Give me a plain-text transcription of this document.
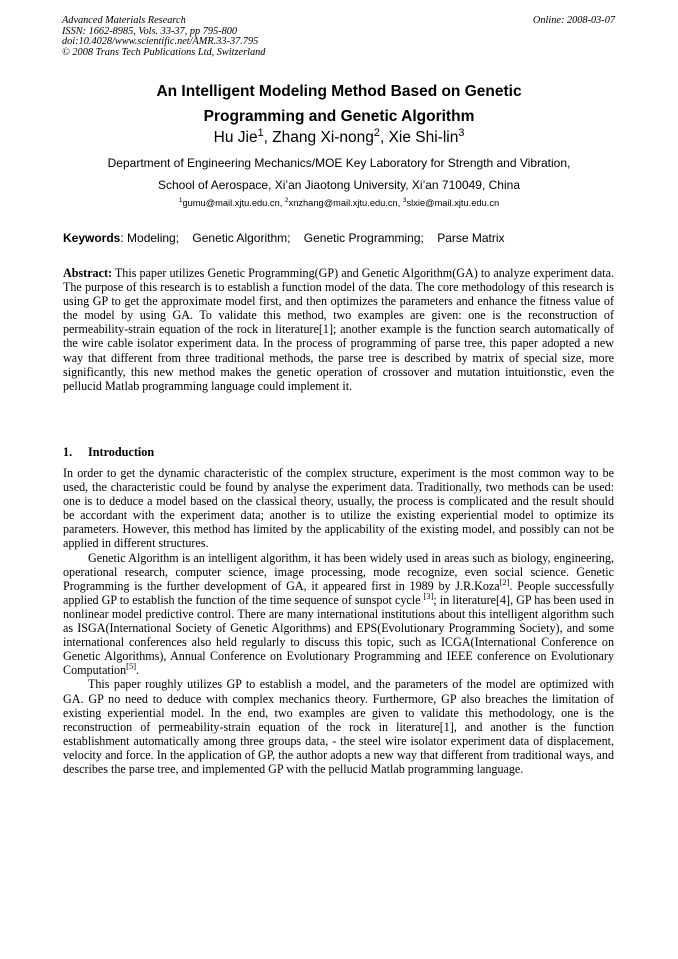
Advanced Materials Research
ISSN: 1662-8985, Vols. 33-37, pp 795-800
doi:10.4028/www.scientific.net/AMR.33-37.795
© 2008 Trans Tech Publications Ltd, Switzerland
Online: 2008-03-07
An Intelligent Modeling Method Based on Genetic
Programming and Genetic Algorithm
Hu Jie$^1$, Zhang Xi-nong$^2$, Xie Shi-lin$^3$
Department of Engineering Mechanics/MOE Key Laboratory for Strength and Vibration,
School of Aerospace, Xi’an Jiaotong University, Xi’an 710049, China
$^1$gumu@mail.xjtu.edu.cn, $^2$xnzhang@mail.xjtu.edu.cn, $^3$slxie@mail.xjtu.edu.cn
Keywords: Modeling; Genetic Algorithm; Genetic Programming; Parse Matrix
Abstract: This paper utilizes Genetic Programming(GP) and Genetic Algorithm(GA) to analyze experiment data. The purpose of this research is to establish a function model of the data. The core methodology of this research is using GP to get the approximate model first, and then optimizes the parameters and enhance the fitness value of the model by using GA. To validate this method, two examples are given: one is the reconstruction of permeability-strain equation of the rock in literature[1]; another example is the function search automatically of the wire cable isolator experiment data. In the process of programming of parse tree, this paper adopted a new way that different from three traditional methods, the parse tree is described by matrix of special size, more significantly, this new method makes the genetic operation of crossover and mutation intuitionstic, even the pellucid Matlab programming language could implement it.
1. Introduction

In order to get the dynamic characteristic of the complex structure, experiment is the most common way to be used, the characteristic could be found by analyse the experiment data. Traditionally, two methods can be used: one is to deduce a model based on the classical theory, usually, the process is complicated and the result should be accordant with the experiment data; another is to utilize the existing experiential model to optimize its parameters. However, this method has limited by the applicability of the existing model, and possibly can not be applied in different structures.

Genetic Algorithm is an intelligent algorithm, it has been widely used in areas such as biology, engineering, operational research, computer science, image processing, mode recognize, even social science. Genetic Programming is the further development of GA, it appeared first in 1989 by J.R.Koza[2]. People successfully applied GP to establish the function of the time sequence of sunspot cycle [3]; in literature[4], GP has been used in nonlinear model predictive control. There are many international institutions about this intelligent algorithm such as ISGA(International Society of Genetic Algorithms) and EPS(Evolutionary Programming Society), and some international conferences also held regularly to discuss this topic, such as ICGA(International Conference on Genetic Algorithms), Annual Conference on Evolutionary Programming and IEEE conference on Evolutionary Computation[5].

This paper roughly utilizes GP to establish a model, and the parameters of the model are optimized with GA. GP no need to deduce with complex mechanics theory. Furthermore, GP also breaches the limitation of existing experiential model. In the end, two examples are given to validate this methodology, one is the reconstruction of permeability-strain equation of the rock in literature[1], and another is the function establishment automatically among three groups data, - the steel wire isolator experiment data of displacement, velocity and force. In the application of GP, the author adopts a new way that different from traditional ways, and describes the parse tree, and implemented GP with the pellucid Matlab programming language.
